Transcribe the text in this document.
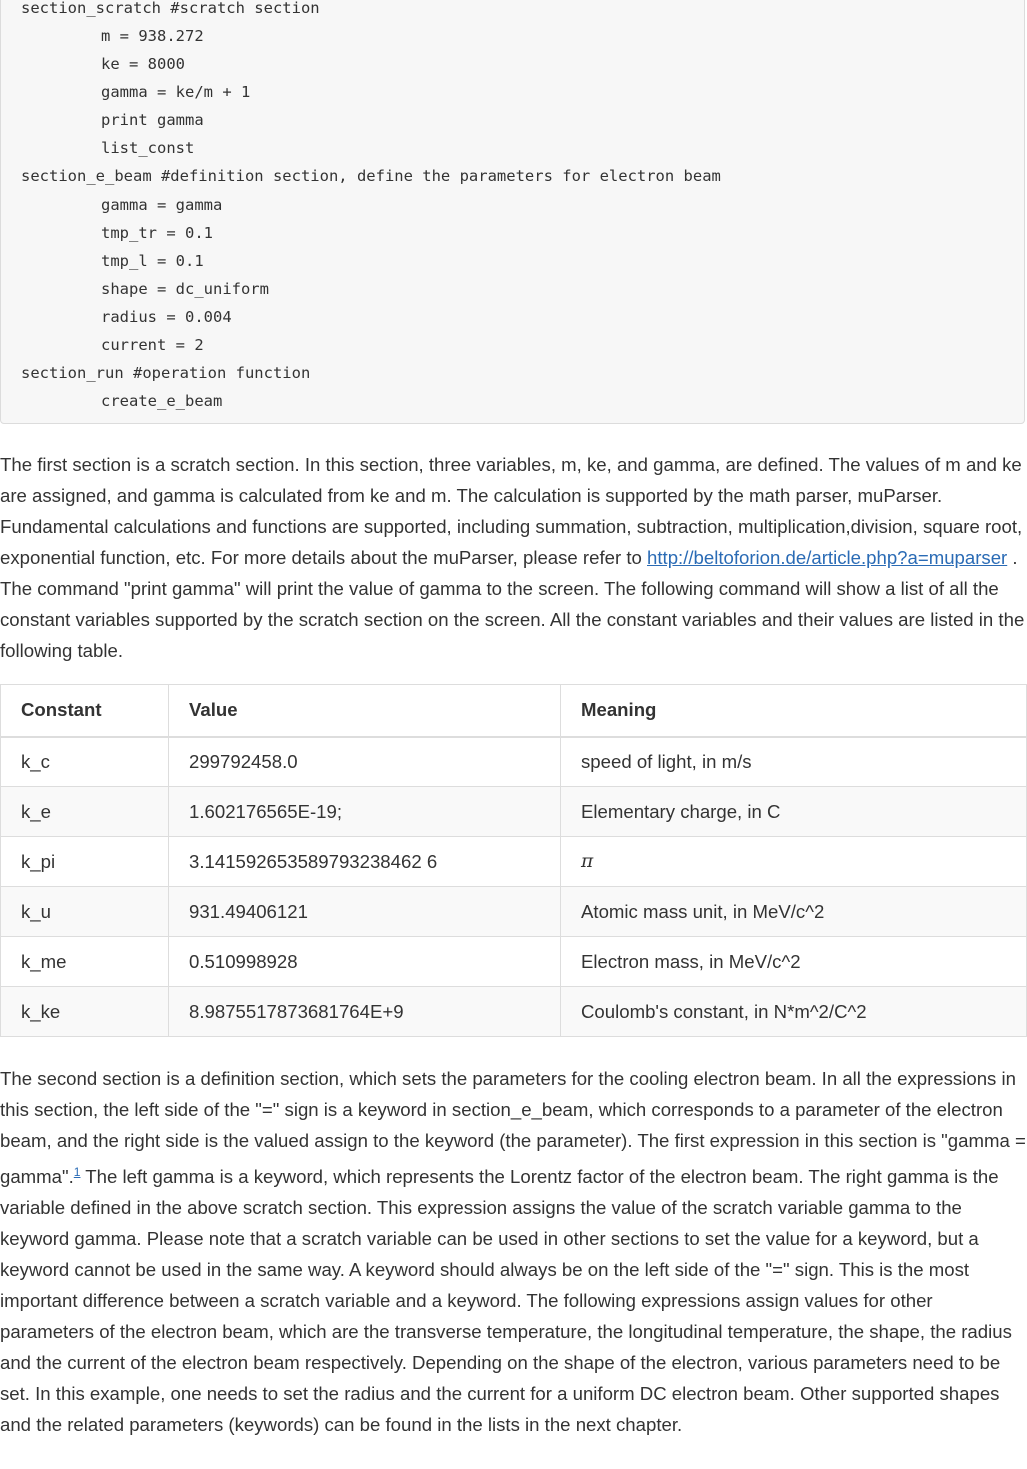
section_scratch #scratch section
m = 938.272
ke = 8000
gamma = ke/m + 1
print gamma
list_const
section_e_beam #definition section, define the parameters for electron beam
gamma = gamma
tmp_tr = 0.1
tmp_l = 0.1
shape = dc_uniform
radius = 0.004
current = 2
section_run #operation function
create_e_beam

The first section is a scratch section. In this section, three variables, m, ke, and gamma, are defined. The values of m and ke are assigned, and gamma is calculated from ke and m. The calculation is supported by the math parser, muParser. Fundamental calculations and functions are supported, including summation, subtraction, multiplication,division, square root, exponential function, etc. For more details about the muParser, please refer to http://beltoforion.de/article.php?a=muparser . The command "print gamma" will print the value of gamma to the screen. The following command will show a list of all the constant variables supported by the scratch section on the screen. All the constant variables and their values are listed in the following table.

Constant	Value	Meaning
k_c	299792458.0	speed of light, in m/s
k_e	1.602176565E-19;	Elementary charge, in C
k_pi	3.141592653589793238462 6	π
k_u	931.49406121	Atomic mass unit, in MeV/c^2
k_me	0.510998928	Electron mass, in MeV/c^2
k_ke	8.9875517873681764E+9	Coulomb's constant, in N*m^2/C^2

The second section is a definition section, which sets the parameters for the cooling electron beam. In all the expressions in this section, the left side of the "=" sign is a keyword in section_e_beam, which corresponds to a parameter of the electron beam, and the right side is the valued assign to the keyword (the parameter). The first expression in this section is "gamma = gamma".$^1$ The left gamma is a keyword, which represents the Lorentz factor of the electron beam. The right gamma is the variable defined in the above scratch section. This expression assigns the value of the scratch variable gamma to the keyword gamma. Please note that a scratch variable can be used in other sections to set the value for a keyword, but a keyword cannot be used in the same way. A keyword should always be on the left side of the "=" sign. This is the most important difference between a scratch variable and a keyword. The following expressions assign values for other parameters of the electron beam, which are the transverse temperature, the longitudinal temperature, the shape, the radius and the current of the electron beam respectively. Depending on the shape of the electron, various parameters need to be set. In this example, one needs to set the radius and the current for a uniform DC electron beam. Other supported shapes and the related parameters (keywords) can be found in the lists in the next chapter.
